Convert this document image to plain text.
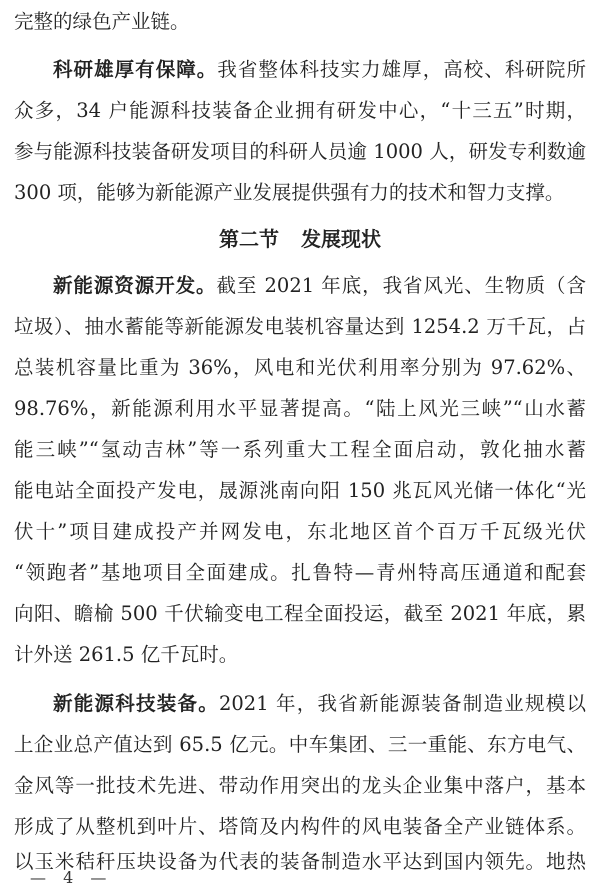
完整的绿色产业链。
科研雄厚有保障。我省整体科技实力雄厚，高校、科研院所
众多，34 户能源科技装备企业拥有研发中心，“十三五”时期，
参与能源科技装备研发项目的科研人员逾 1000 人，研发专利数逾
300 项，能够为新能源产业发展提供强有力的技术和智力支撑。
第二节 发展现状
新能源资源开发。截至 2021 年底，我省风光、生物质（含
垃圾）、抽水蓄能等新能源发电装机容量达到 1254.2 万千瓦，占
总装机容量比重为 36%，风电和光伏利用率分别为 97.62%、
98.76%，新能源利用水平显著提高。“陆上风光三峡”“山水蓄
能三峡”“氢动吉林”等一系列重大工程全面启动，敦化抽水蓄
能电站全面投产发电，晟源洮南向阳 150 兆瓦风光储一体化“光
伏十”项目建成投产并网发电，东北地区首个百万千瓦级光伏
“领跑者”基地项目全面建成。扎鲁特—青州特高压通道和配套
向阳、瞻榆 500 千伏输变电工程全面投运，截至 2021 年底，累
计外送 261.5 亿千瓦时。
新能源科技装备。2021 年，我省新能源装备制造业规模以
上企业总产值达到 65.5 亿元。中车集团、三一重能、东方电气、
金风等一批技术先进、带动作用突出的龙头企业集中落户，基本
形成了从整机到叶片、塔筒及内构件的风电装备全产业链体系。
以玉米秸秆压块设备为代表的装备制造水平达到国内领先。地热
— 4 —
